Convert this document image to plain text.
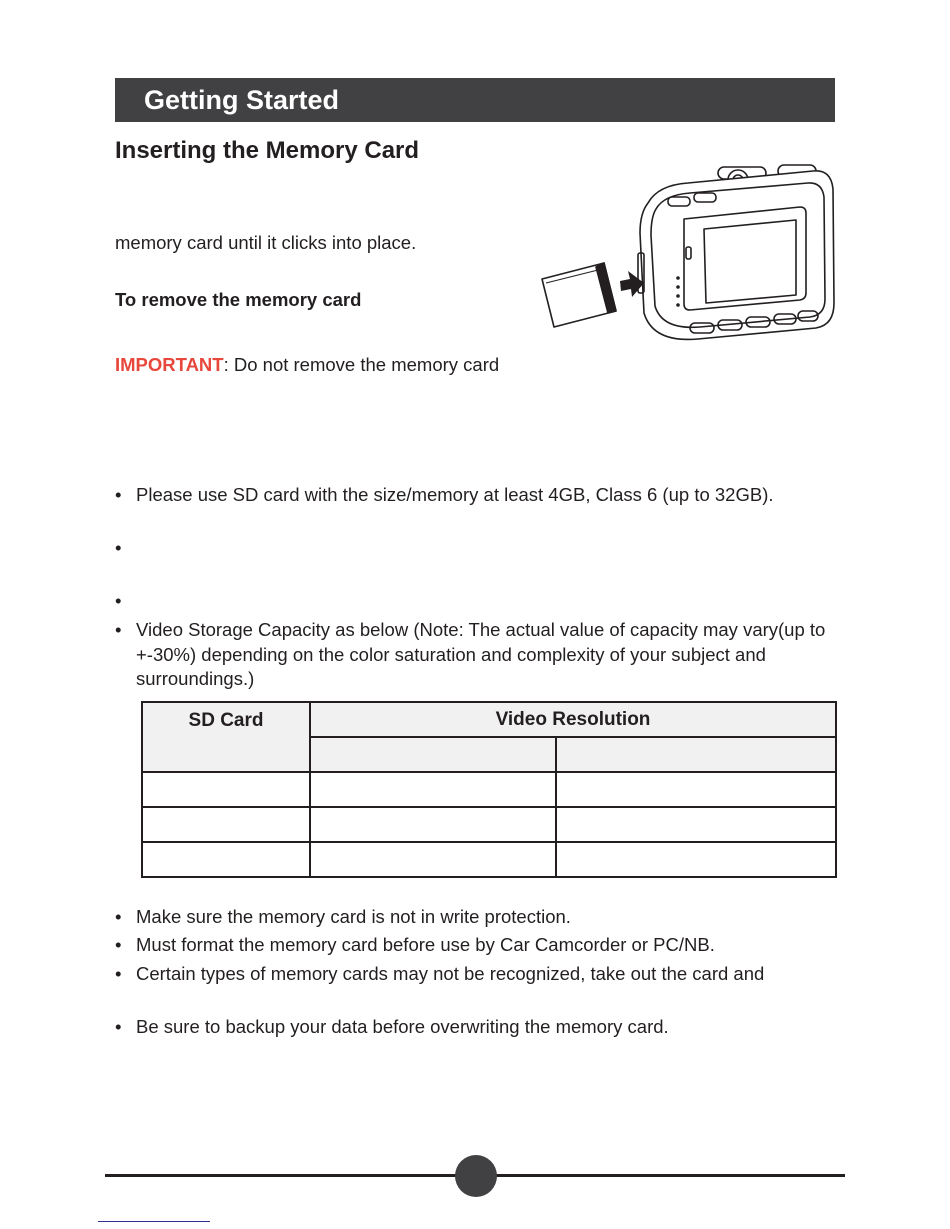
Getting Started
Inserting the Memory Card
memory card until it clicks into place.
To remove the memory card
IMPORTANT: Do not remove the memory card
• Please use SD card with the size/memory at least 4GB, Class 6 (up to 32GB).
•
•
• Video Storage Capacity as below (Note: The actual value of capacity may vary(up to +-30%) depending on the color saturation and complexity of your subject and surroundings.)
SD Card	Video Resolution	

• Make sure the memory card is not in write protection.
• Must format the memory card before use by Car Camcorder or PC/NB.
• Certain types of memory cards may not be recognized, take out the card and
• Be sure to backup your data before overwriting the memory card.
